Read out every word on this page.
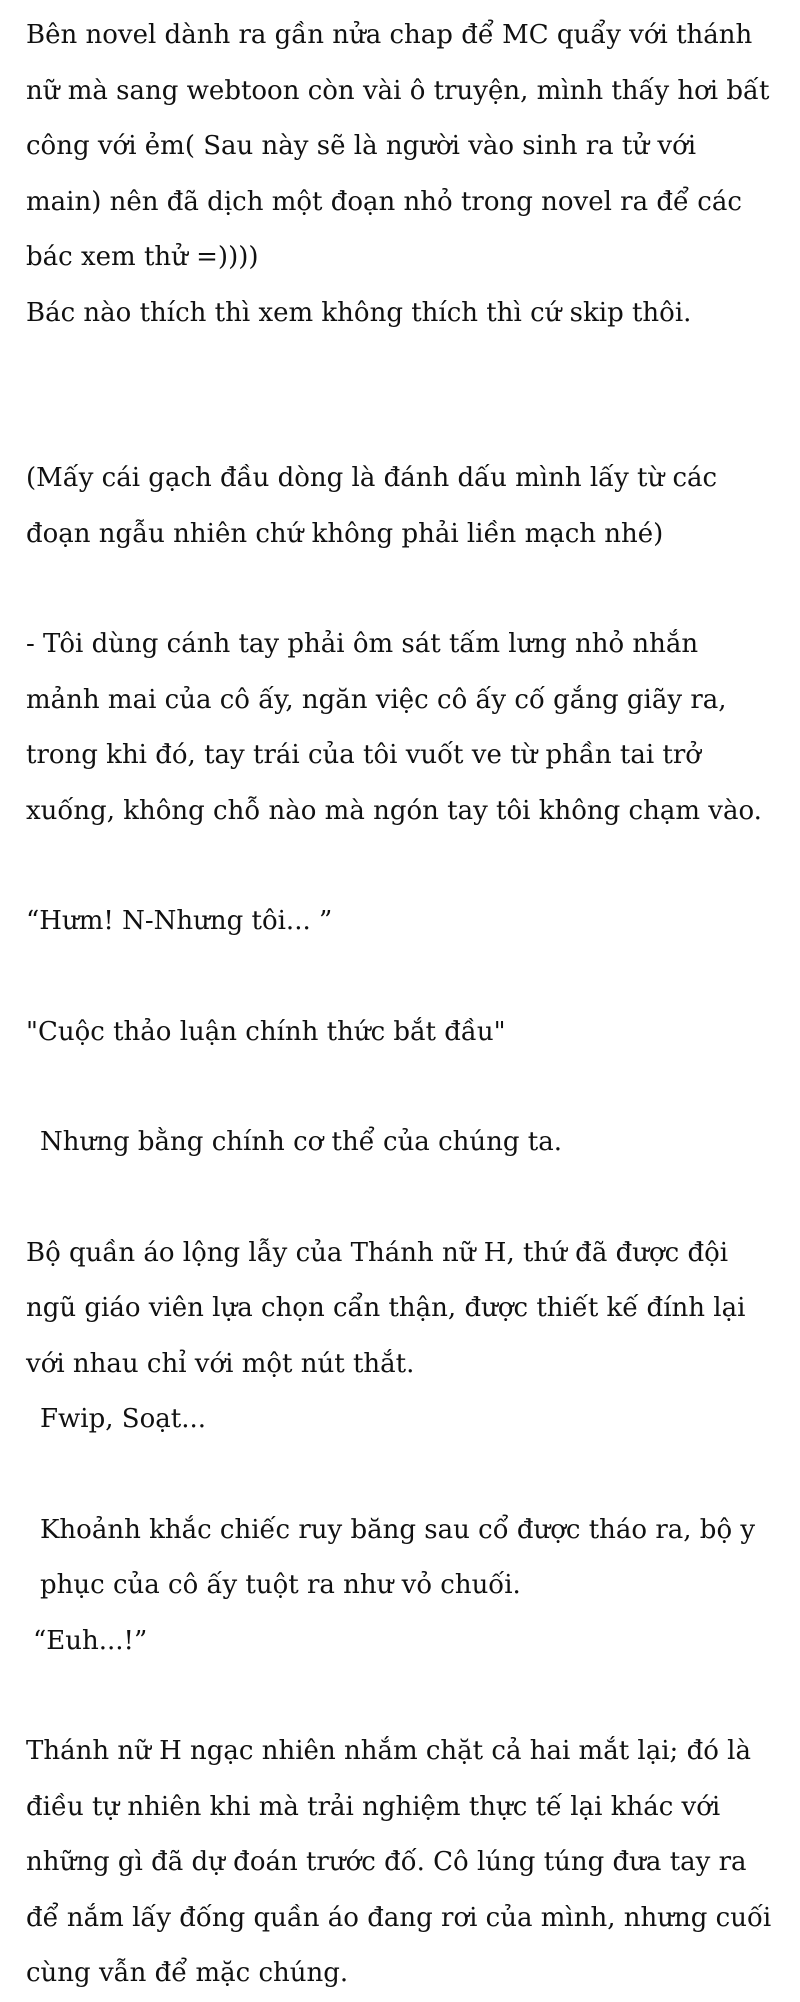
Bên novel dành ra gần nửa chap để MC quẩy với thánh nữ mà sang webtoon còn vài ô truyện, mình thấy hơi bất công với ẻm( Sau này sẽ là người vào sinh ra tử với main) nên đã dịch một đoạn nhỏ trong novel ra để các bác xem thử =))))

Bác nào thích thì xem không thích thì cứ skip thôi.

(Mấy cái gạch đầu dòng là đánh dấu mình lấy từ các đoạn ngẫu nhiên chứ không phải liền mạch nhé)

- Tôi dùng cánh tay phải ôm sát tấm lưng nhỏ nhắn mảnh mai của cô ấy, ngăn việc cô ấy cố gắng giãy ra, trong khi đó, tay trái của tôi vuốt ve từ phần tai trở xuống, không chỗ nào mà ngón tay tôi không chạm vào.

“Hưm! N-Nhưng tôi... ”

"Cuộc thảo luận chính thức bắt đầu"

Nhưng bằng chính cơ thể của chúng ta.

Bộ quần áo lộng lẫy của Thánh nữ H, thứ đã được đội ngũ giáo viên lựa chọn cẩn thận, được thiết kế đính lại với nhau chỉ với một nút thắt.

Fwip, Soạt...

Khoảnh khắc chiếc ruy băng sau cổ được tháo ra, bộ y phục của cô ấy tuột ra như vỏ chuối.

“Euh...!”

Thánh nữ H ngạc nhiên nhắm chặt cả hai mắt lại; đó là điều tự nhiên khi mà trải nghiệm thực tế lại khác với những gì đã dự đoán trước đố. Cô lúng túng đưa tay ra để nắm lấy đống quần áo đang rơi của mình, nhưng cuối cùng vẫn để mặc chúng.
